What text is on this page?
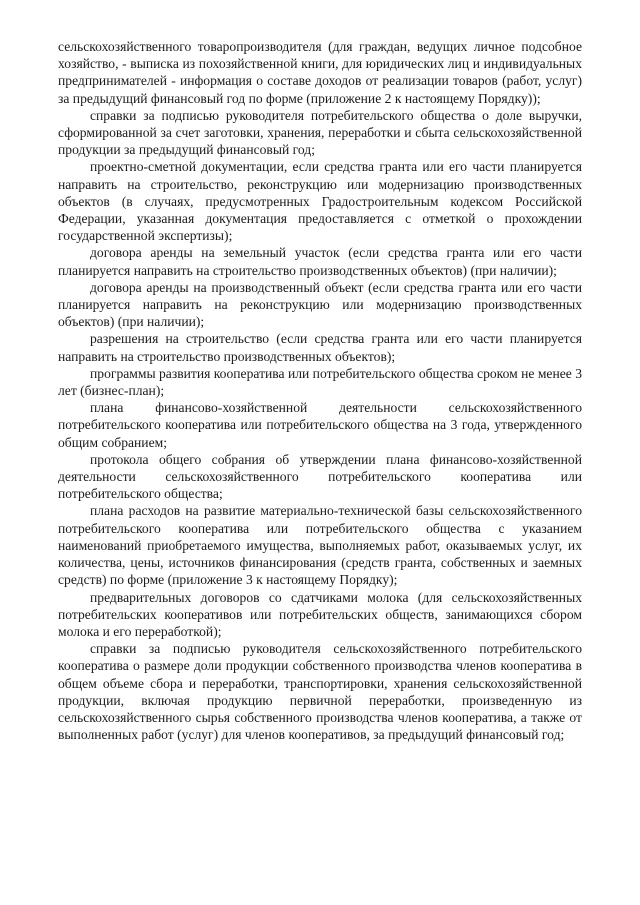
сельскохозяйственного товаропроизводителя (для граждан, ведущих личное подсобное хозяйство, - выписка из похозяйственной книги, для юридических лиц и индивидуальных предпринимателей - информация о составе доходов от реализации товаров (работ, услуг) за предыдущий финансовый год по форме (приложение 2 к настоящему Порядку));

справки за подписью руководителя потребительского общества о доле выручки, сформированной за счет заготовки, хранения, переработки и сбыта сельскохозяйственной продукции за предыдущий финансовый год;

проектно-сметной документации, если средства гранта или его части планируется направить на строительство, реконструкцию или модернизацию производственных объектов (в случаях, предусмотренных Градостроительным кодексом Российской Федерации, указанная документация предоставляется с отметкой о прохождении государственной экспертизы);

договора аренды на земельный участок (если средства гранта или его части планируется направить на строительство производственных объектов) (при наличии);

договора аренды на производственный объект (если средства гранта или его части планируется направить на реконструкцию или модернизацию производственных объектов) (при наличии);

разрешения на строительство (если средства гранта или его части планируется направить на строительство производственных объектов);

программы развития кооператива или потребительского общества сроком не менее 3 лет (бизнес-план);

плана финансово-хозяйственной деятельности сельскохозяйственного потребительского кооператива или потребительского общества на 3 года, утвержденного общим собранием;

протокола общего собрания об утверждении плана финансово-хозяйственной деятельности сельскохозяйственного потребительского кооператива или потребительского общества;

плана расходов на развитие материально-технической базы сельскохозяйственного потребительского кооператива или потребительского общества с указанием наименований приобретаемого имущества, выполняемых работ, оказываемых услуг, их количества, цены, источников финансирования (средств гранта, собственных и заемных средств) по форме (приложение 3 к настоящему Порядку);

предварительных договоров со сдатчиками молока (для сельскохозяйственных потребительских кооперативов или потребительских обществ, занимающихся сбором молока и его переработкой);

справки за подписью руководителя сельскохозяйственного потребительского кооператива о размере доли продукции собственного производства членов кооператива в общем объеме сбора и переработки, транспортировки, хранения сельскохозяйственной продукции, включая продукцию первичной переработки, произведенную из сельскохозяйственного сырья собственного производства членов кооператива, а также от выполненных работ (услуг) для членов кооперативов, за предыдущий финансовый год;
